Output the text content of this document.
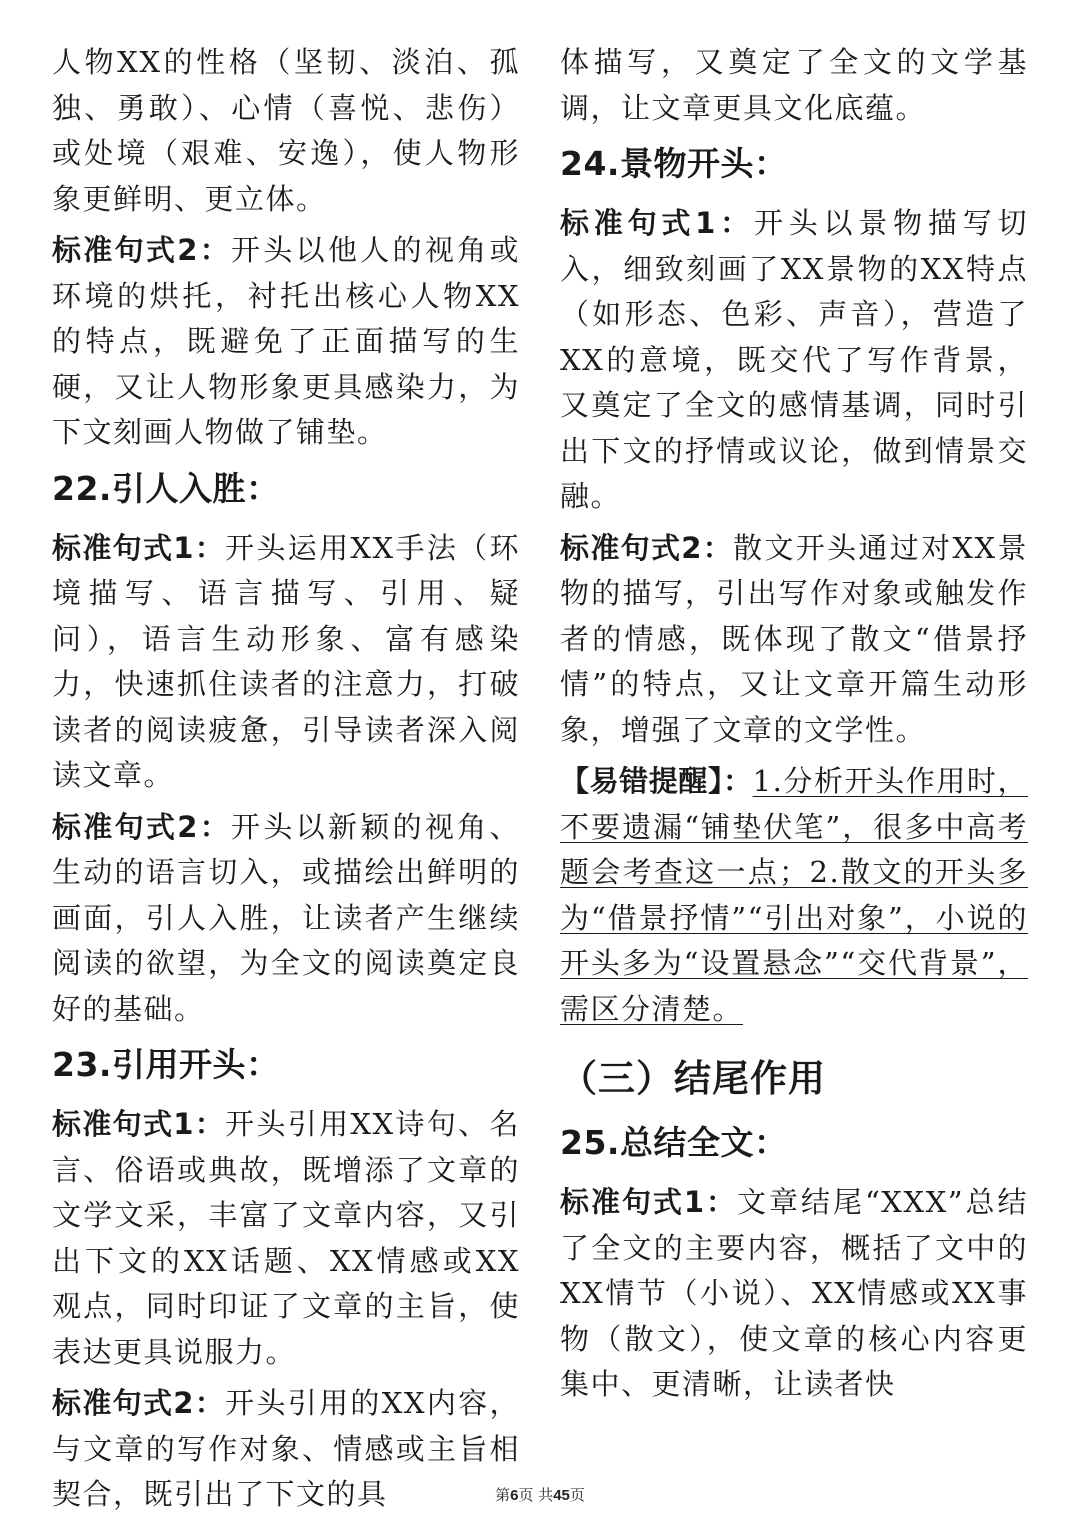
人物XX的性格（坚韧、淡泊、孤独、勇敢）、心情（喜悦、悲伤）或处境（艰难、安逸），使人物形象更鲜明、更立体。

标准句式2：开头以他人的视角或环境的烘托，衬托出核心人物XX的特点，既避免了正面描写的生硬，又让人物形象更具感染力，为下文刻画人物做了铺垫。

22.引人入胜：

标准句式1：开头运用XX手法（环境描写、语言描写、引用、疑问），语言生动形象、富有感染力，快速抓住读者的注意力，打破读者的阅读疲惫，引导读者深入阅读文章。

标准句式2：开头以新颖的视角、生动的语言切入，或描绘出鲜明的画面，引人入胜，让读者产生继续阅读的欲望，为全文的阅读奠定良好的基础。

23.引用开头：

标准句式1：开头引用XX诗句、名言、俗语或典故，既增添了文章的文学文采，丰富了文章内容，又引出下文的XX话题、XX情感或XX观点，同时印证了文章的主旨，使表达更具说服力。

标准句式2：开头引用的XX内容，与文章的写作对象、情感或主旨相契合，既引出了下文的具

体描写，又奠定了全文的文学基调，让文章更具文化底蕴。

24.景物开头：

标准句式1：开头以景物描写切入，细致刻画了XX景物的XX特点（如形态、色彩、声音），营造了XX的意境，既交代了写作背景，又奠定了全文的感情基调，同时引出下文的抒情或议论，做到情景交融。

标准句式2：散文开头通过对XX景物的描写，引出写作对象或触发作者的情感，既体现了散文“借景抒情”的特点，又让文章开篇生动形象，增强了文章的文学性。

【易错提醒】：1.分析开头作用时，不要遗漏“铺垫伏笔”，很多中高考题会考查这一点；2.散文的开头多为“借景抒情”“引出对象”，小说的开头多为“设置悬念”“交代背景”，需区分清楚。

（三）结尾作用
25.总结全文：

标准句式1：文章结尾“XXX”总结了全文的主要内容，概括了文中的XX情节（小说）、XX情感或XX事物（散文），使文章的核心内容更集中、更清晰，让读者快

第6页 共45页
